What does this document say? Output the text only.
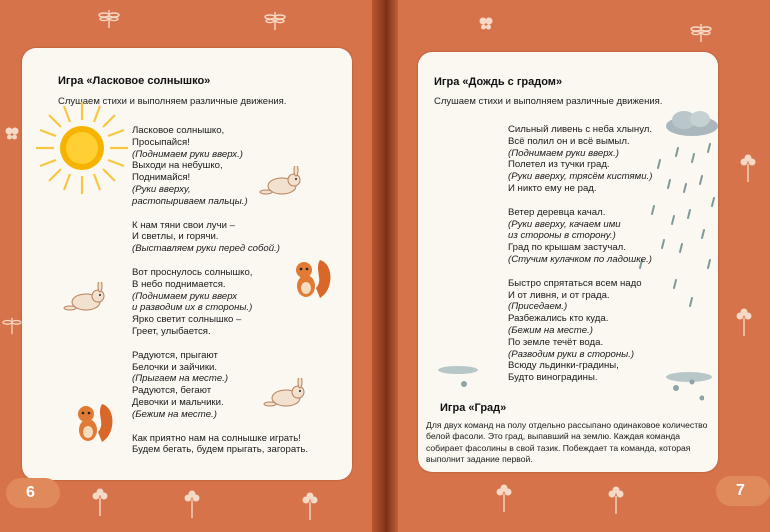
Игра «Ласковое солнышко»
Слушаем стихи и выполняем различные движения.
Ласковое солнышко,
Просыпайся!
(Поднимаем руки вверх.)
Выходи на небушко,
Поднимайся!
(Руки вверху,
растопыриваем пальцы.)
К нам тяни свои лучи –
И светлы, и горячи.
(Выставляем руки перед собой.)
Вот проснулось солнышко,
В небо поднимается.
(Поднимаем руки вверх
и разводим их в стороны.)
Ярко светит солнышко –
Греет, улыбается.
Радуются, прыгают
Белочки и зайчики.
(Прыгаем на месте.)
Радуются, бегают
Девочки и мальчики.
(Бежим на месте.)
Как приятно нам на солнышке играть!
Будем бегать, будем прыгать, загорать.
6
Игра «Дождь с градом»
Слушаем стихи и выполняем различные движения.
Сильный ливень с неба хлынул.
Всё полил он и всё вымыл.
(Поднимаем руки вверх.)
Полетел из тучки град.
(Руки вверху, трясём кистями.)
И никто ему не рад.
Ветер деревца качал.
(Руки вверху, качаем ими
из стороны в сторону.)
Град по крышам застучал.
(Стучим кулачком по ладошке.)
Быстро спрятаться всем надо
И от ливня, и от града.
(Приседаем.)
Разбежались кто куда.
(Бежим на месте.)
По земле течёт вода.
(Разводим руки в стороны.)
Всюду льдинки-градины,
Будто виноградины.
Игра «Град»
Для двух команд на полу отдельно рассыпано одинаковое количество белой фасоли. Это град, выпавший на землю. Каждая команда собирает фасолины в свой тазик. Побеждает та команда, которая выполнит задание первой.
7
